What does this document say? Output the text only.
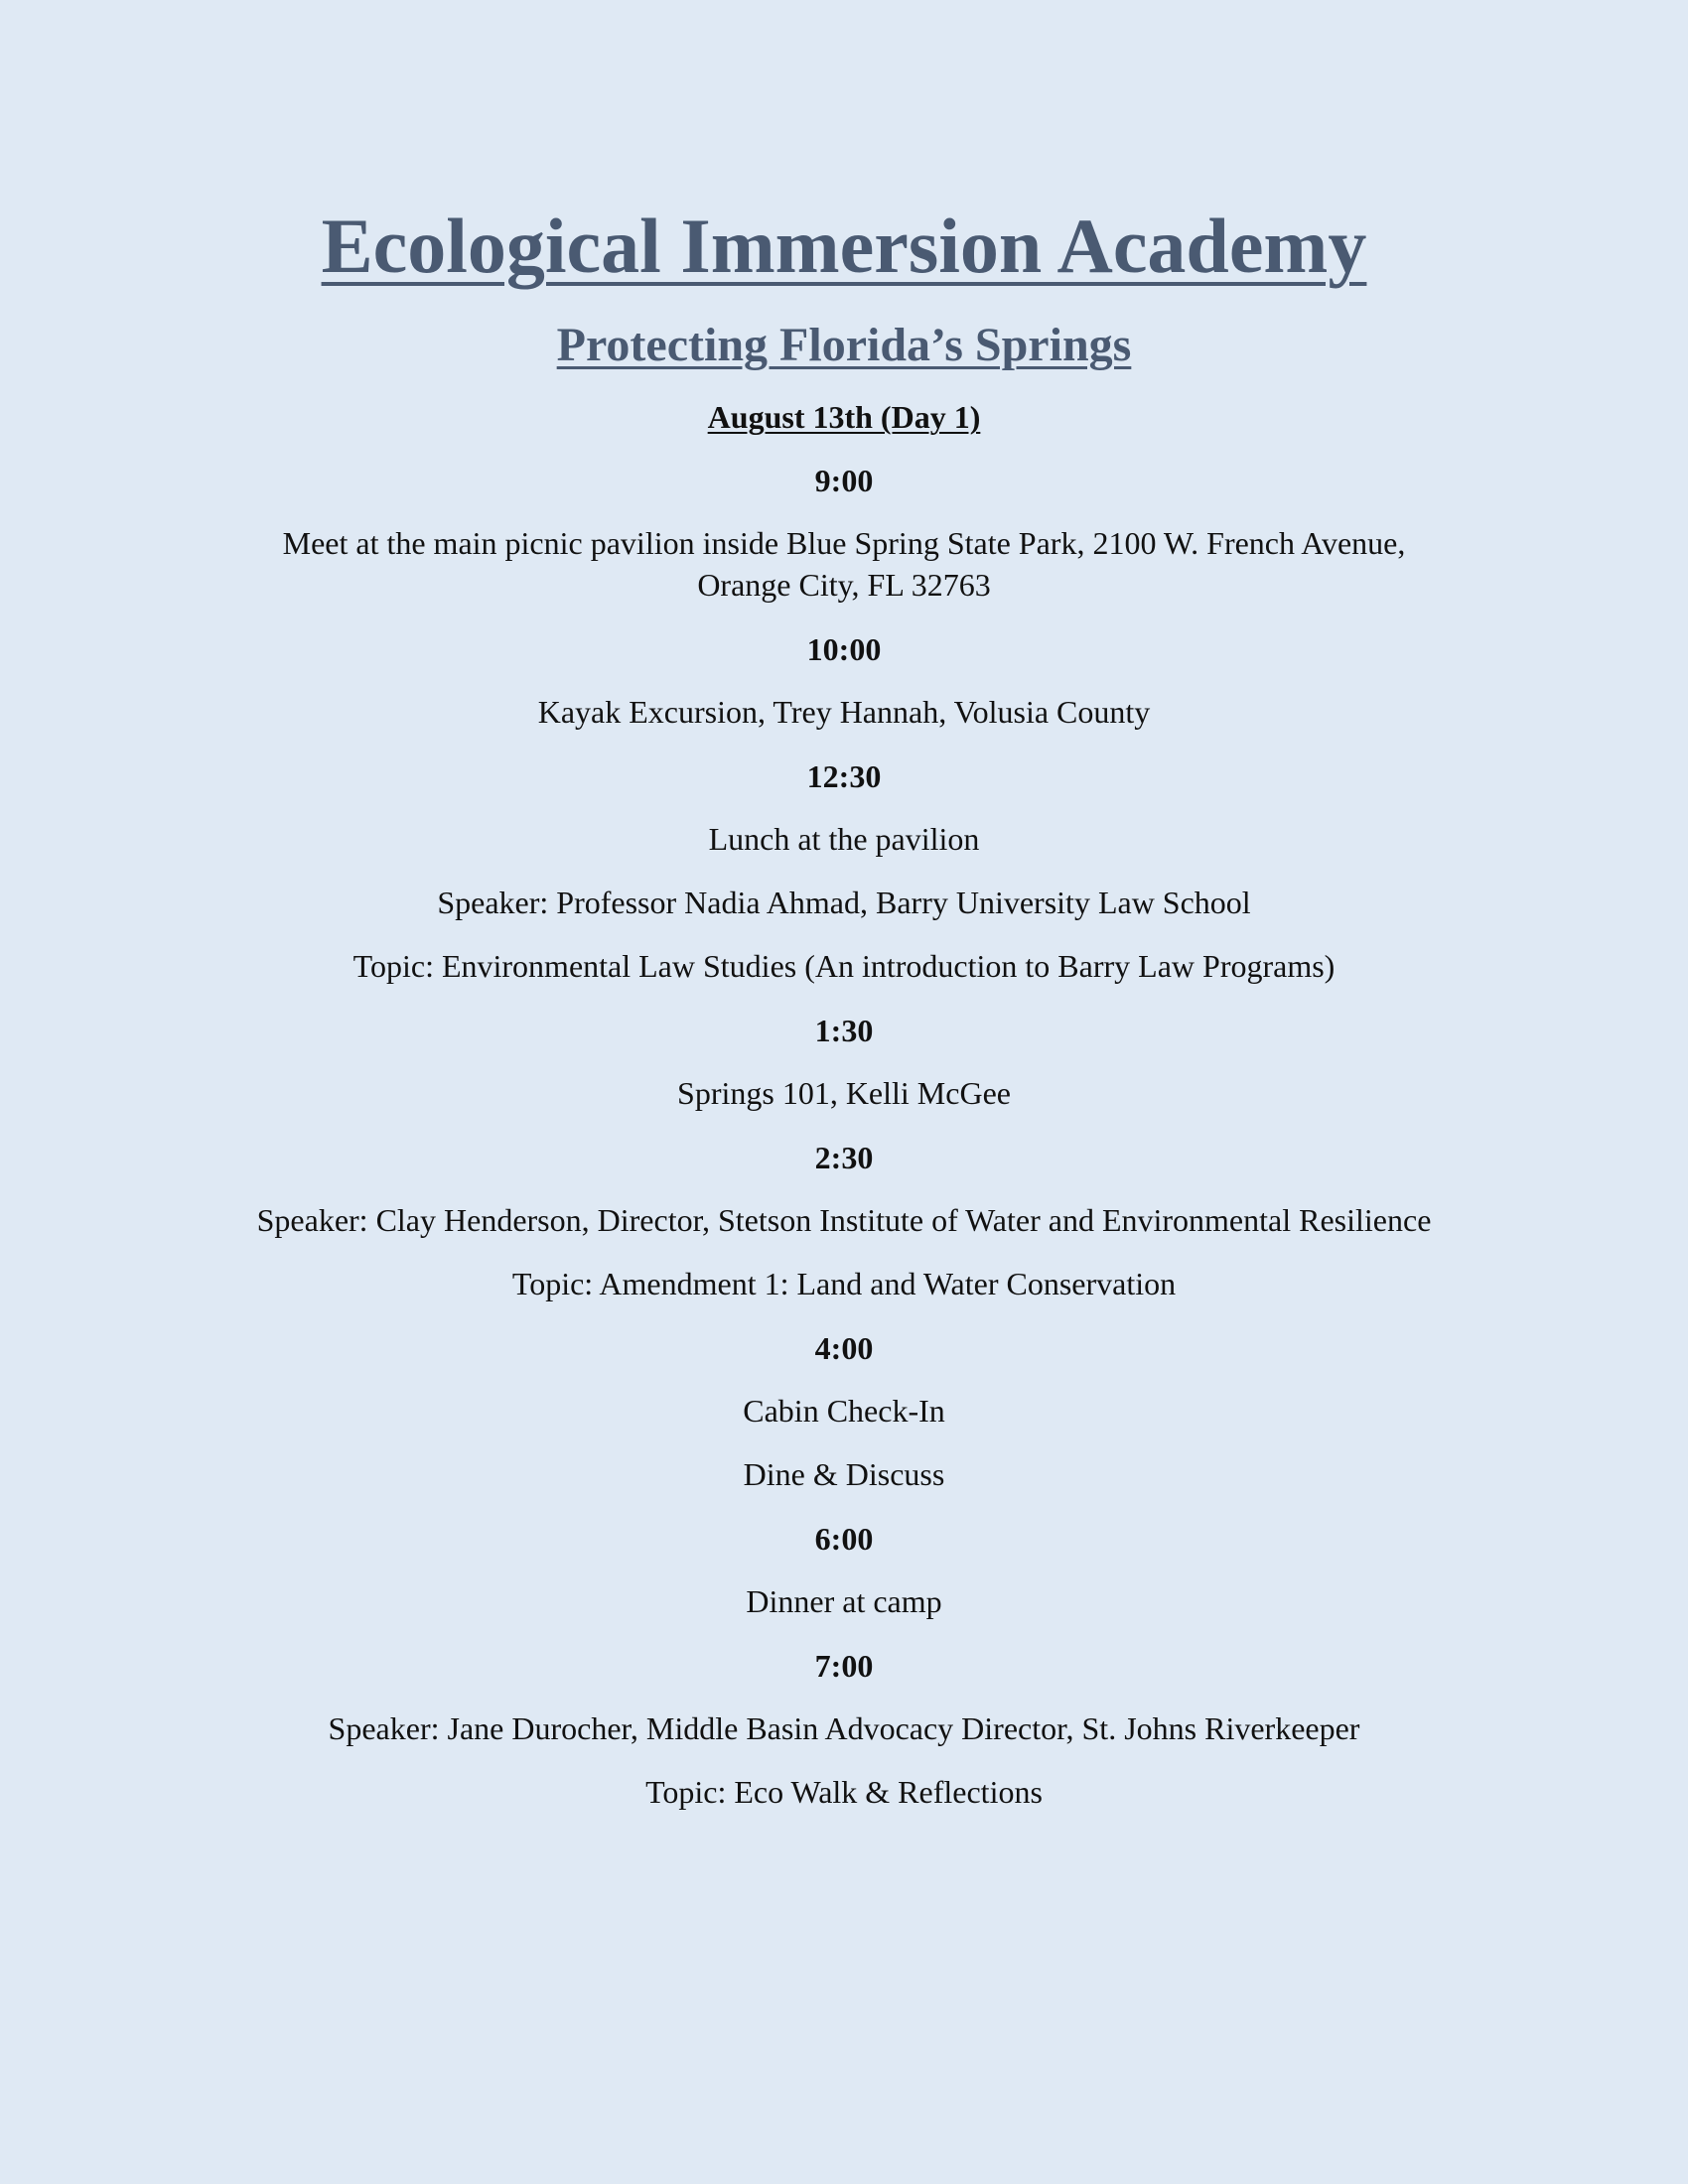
Ecological Immersion Academy
Protecting Florida’s Springs
August 13th (Day 1)
9:00
Meet at the main picnic pavilion inside Blue Spring State Park, 2100 W. French Avenue, Orange City, FL 32763
10:00
Kayak Excursion, Trey Hannah, Volusia County
12:30
Lunch at the pavilion
Speaker: Professor Nadia Ahmad, Barry University Law School
Topic: Environmental Law Studies (An introduction to Barry Law Programs)
1:30
Springs 101, Kelli McGee
2:30
Speaker: Clay Henderson, Director, Stetson Institute of Water and Environmental Resilience
Topic: Amendment 1: Land and Water Conservation
4:00
Cabin Check-In
Dine & Discuss
6:00
Dinner at camp
7:00
Speaker: Jane Durocher, Middle Basin Advocacy Director, St. Johns Riverkeeper
Topic: Eco Walk & Reflections
